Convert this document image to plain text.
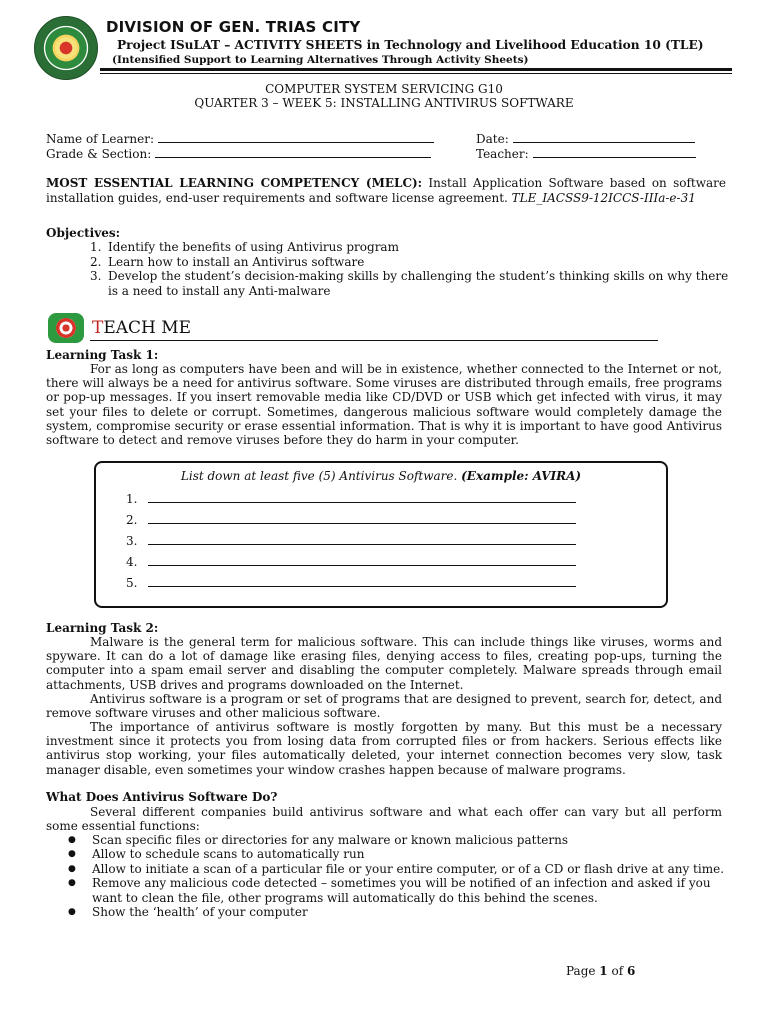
DIVISION OF GEN. TRIAS CITY
Project ISuLAT – ACTIVITY SHEETS in Technology and Livelihood Education 10 (TLE)
(Intensified Support to Learning Alternatives Through Activity Sheets)
COMPUTER SYSTEM SERVICING G10
QUARTER 3 – WEEK 5: INSTALLING ANTIVIRUS SOFTWARE
Name of Learner:	Date:
Grade & Section:	Teacher:
MOST ESSENTIAL LEARNING COMPETENCY (MELC): Install Application Software based on software installation guides, end-user requirements and software license agreement. TLE_IACSS9-12ICCS-IIIa-e-31
Objectives:
1. Identify the benefits of using Antivirus program
2. Learn how to install an Antivirus software
3. Develop the student’s decision-making skills by challenging the student’s thinking skills on why there is a need to install any Anti-malware
TEACH ME
Learning Task 1:

For as long as computers have been and will be in existence, whether connected to the Internet or not, there will always be a need for antivirus software. Some viruses are distributed through emails, free programs or pop-up messages. If you insert removable media like CD/DVD or USB which get infected with virus, it may set your files to delete or corrupt. Sometimes, dangerous malicious software would completely damage the system, compromise security or erase essential information. That is why it is important to have good Antivirus software to detect and remove viruses before they do harm in your computer.

List down at least five (5) Antivirus Software. (Example: AVIRA)
1.
2.
3.
4.
5.
Learning Task 2:

Malware is the general term for malicious software. This can include things like viruses, worms and spyware. It can do a lot of damage like erasing files, denying access to files, creating pop-ups, turning the computer into a spam email server and disabling the computer completely. Malware spreads through email attachments, USB drives and programs downloaded on the Internet.

Antivirus software is a program or set of programs that are designed to prevent, search for, detect, and remove software viruses and other malicious software.

The importance of antivirus software is mostly forgotten by many. But this must be a necessary investment since it protects you from losing data from corrupted files or from hackers. Serious effects like antivirus stop working, your files automatically deleted, your internet connection becomes very slow, task manager disable, even sometimes your window crashes happen because of malware programs.

What Does Antivirus Software Do?

Several different companies build antivirus software and what each offer can vary but all perform some essential functions:

● Scan specific files or directories for any malware or known malicious patterns
● Allow to schedule scans to automatically run
● Allow to initiate a scan of a particular file or your entire computer, or of a CD or flash drive at any time.
● Remove any malicious code detected – sometimes you will be notified of an infection and asked if you want to clean the file, other programs will automatically do this behind the scenes.
● Show the ‘health’ of your computer
Page 1 of 6
